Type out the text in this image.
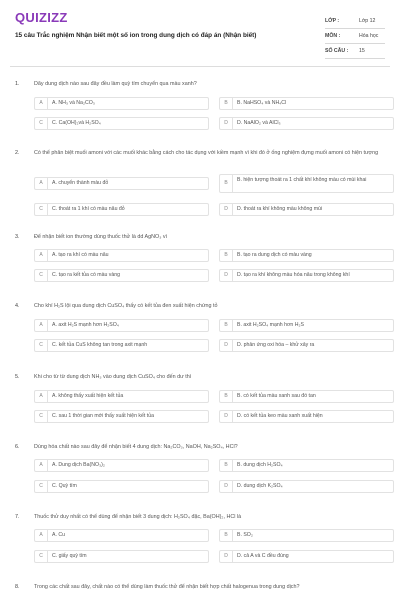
QUIZIZZ
15 câu Trắc nghiệm Nhận biết một số ion trong dung dịch có đáp án (Nhận biết)
LỚP :	Lớp 12
MÔN :	Hóa học
SỐ CÂU :	15
1.	Dãy dung dịch nào sau đây đều làm quỳ tím chuyển qua màu xanh?
A	A. NH₃ và Na₂CO₃	B	B. NaHSO₄ và NH₄Cl
C	C. Ca(OH)₂và H₂SO₄	D	D. NaAlO₂ và AlCl₃
2.	Có thể phân biệt muối amoni với các muối khác bằng cách cho tác dụng với kiềm mạnh vì khi đó ở ống nghiệm đựng muối amoni có hiện tượng
A	A. chuyển thành màu đỏ	B	B. hiện tượng thoát ra 1 chất khí không màu có mùi khai
C	C. thoát ra 1 khí có màu nâu đỏ	D	D. thoát ra khí không màu không mùi
3.	Để nhận biết ion thường dùng thuốc thử là dd AgNO₃ vì
A	A. tạo ra khí có màu nâu	B	B. tạo ra dung dịch có màu vàng
C	C. tạo ra kết tủa có màu vàng	D	D. tạo ra khí không màu hóa nâu trong không khí
4.	Cho khí H₂S lội qua dung dịch CuSO₄ thấy có kết tủa đen xuất hiện chứng tỏ
A	A. axit H₂S mạnh hơn H₂SO₄	B	B. axit H₂SO₄ mạnh hơn H₂S
C	C. kết tủa CuS không tan trong axit mạnh	D	D. phản ứng oxi hóa – khử xảy ra
5.	Khi cho từ từ dung dịch NH₃ vào dung dịch CuSO₄ cho đến dư thì
A	A. không thấy xuất hiện kết tủa	B	B. có kết tủa màu xanh sau đó tan
C	C. sau 1 thời gian mới thấy xuất hiện kết tủa	D	D. có kết tủa keo màu xanh xuất hiện
6.	Dùng hóa chất nào sau đây để nhận biết 4 dung dịch: Na₂CO₃, NaOH, Na₂SO₄, HCl?
A	A. Dung dịch Ba(NO₃)₂	B	B. dung dịch H₂SO₄
C	C. Quỳ tím	D	D. dung dịch K₂SO₄
7.	Thuốc thử duy nhất có thể dùng để nhận biết 3 dung dịch: H₂SO₄ đặc, Ba(OH)₂, HCl là
A	A. Cu	B	B. SO₂
C	C. giấy quỳ tím	D	D. cả A và C đều đúng
8.	Trong các chất sau đây, chất nào có thể dùng làm thuốc thử để nhận biết hợp chất halogenua trong dung dịch?
